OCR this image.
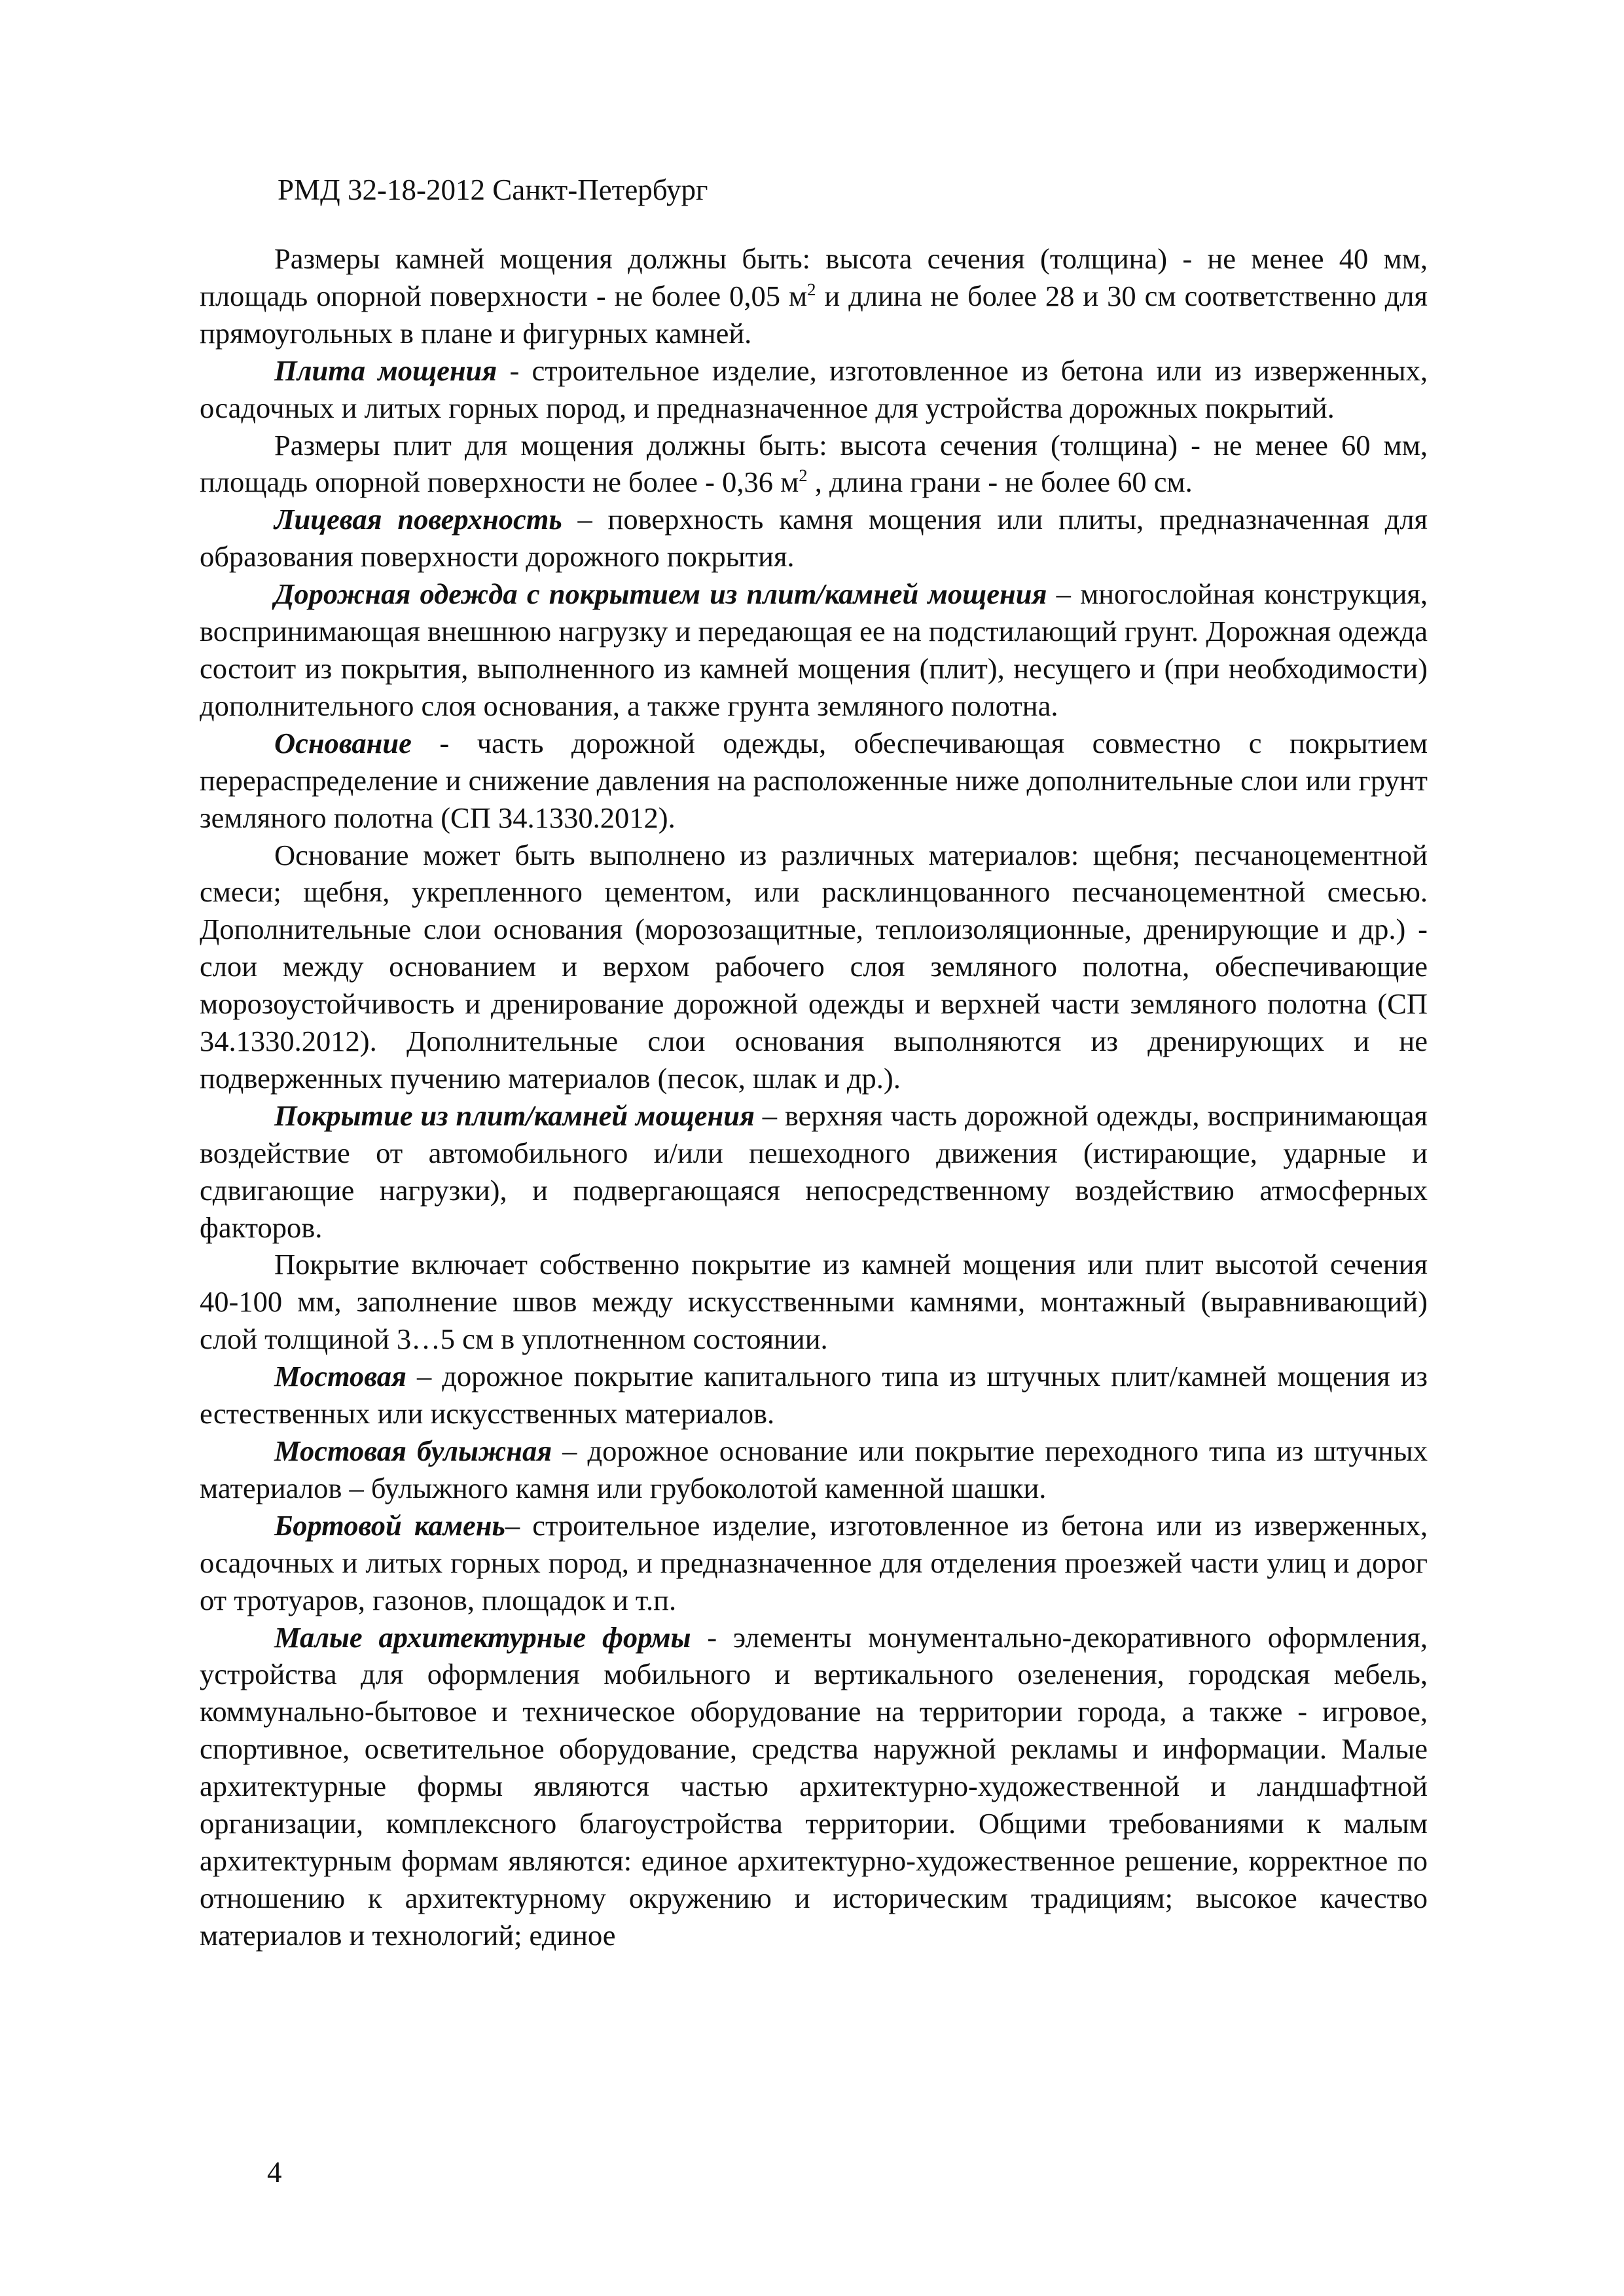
РМД 32-18-2012 Санкт-Петербург

Размеры камней мощения должны быть: высота сечения (толщина) - не менее 40 мм, площадь опорной поверхности - не более 0,05 $м^2$ и длина не более 28 и 30 см соответственно для прямоугольных в плане и фигурных камней.

Плита мощения - строительное изделие, изготовленное из бетона или из изверженных, осадочных и литых горных пород, и предназначенное для устройства дорожных покрытий.

Размеры плит для мощения должны быть: высота сечения (толщина) - не менее 60 мм, площадь опорной поверхности не более - 0,36 $м^2$ , длина грани - не более 60 см.

Лицевая поверхность – поверхность камня мощения или плиты, предназначенная для образования поверхности дорожного покрытия.

Дорожная одежда с покрытием из плит/камней мощения – многослойная конструкция, воспринимающая внешнюю нагрузку и передающая ее на подстилающий грунт. Дорожная одежда состоит из покрытия, выполненного из камней мощения (плит), несущего и (при необходимости) дополнительного слоя основания, а также грунта земляного полотна.

Основание - часть дорожной одежды, обеспечивающая совместно с покрытием перераспределение и снижение давления на расположенные ниже дополнительные слои или грунт земляного полотна (СП 34.1330.2012).

Основание может быть выполнено из различных материалов: щебня; песчаноцементной смеси; щебня, укрепленного цементом, или расклинцованного песчаноцементной смесью. Дополнительные слои основания (морозозащитные, теплоизоляционные, дренирующие и др.) - слои между основанием и верхом рабочего слоя земляного полотна, обеспечивающие морозоустойчивость и дренирование дорожной одежды и верхней части земляного полотна (СП 34.1330.2012). Дополнительные слои основания выполняются из дренирующих и не подверженных пучению материалов (песок, шлак и др.).

Покрытие из плит/камней мощения – верхняя часть дорожной одежды, воспринимающая воздействие от автомобильного и/или пешеходного движения (истирающие, ударные и сдвигающие нагрузки), и подвергающаяся непосредственному воздействию атмосферных факторов.

Покрытие включает собственно покрытие из камней мощения или плит высотой сечения 40-100 мм, заполнение швов между искусственными камнями, монтажный (выравнивающий) слой толщиной 3…5 см в уплотненном состоянии.

Мостовая – дорожное покрытие капитального типа из штучных плит/камней мощения из естественных или искусственных материалов.

Мостовая булыжная – дорожное основание или покрытие переходного типа из штучных материалов – булыжного камня или грубоколотой каменной шашки.

Бортовой камень– строительное изделие, изготовленное из бетона или из изверженных, осадочных и литых горных пород, и предназначенное для отделения проезжей части улиц и дорог от тротуаров, газонов, площадок и т.п.

Малые архитектурные формы - элементы монументально-декоративного оформления, устройства для оформления мобильного и вертикального озеленения, городская мебель, коммунально-бытовое и техническое оборудование на территории города, а также - игровое, спортивное, осветительное оборудование, средства наружной рекламы и информации. Малые архитектурные формы являются частью архитектурно-художественной и ландшафтной организации, комплексного благоустройства территории. Общими требованиями к малым архитектурным формам являются: единое архитектурно-художественное решение, корректное по отношению к архитектурному окружению и историческим традициям; высокое качество материалов и технологий; единое

4
